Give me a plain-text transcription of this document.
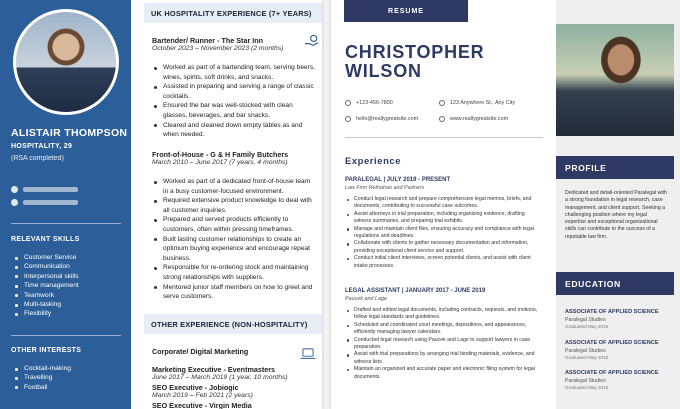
ALISTAIR THOMPSON
HOSPITALITY, 29
(RSA completed)
RELEVANT SKILLS
Customer Service
Communication
Interpersonal skills
Time management
Teamwork
Multi-tasking
Flexibility
OTHER INTERESTS
Cocktail-making
Travelling
Football
UK HOSPITALITY EXPERIENCE (7+ YEARS)
Bartender/ Runner - The Star Inn
October 2023 – November 2023 (2 months)
Worked as part of a bartending team, serving beers, wines, spirits, soft drinks, and snacks.
Assisted in preparing and serving a range of classic cocktails.
Ensured the bar was well-stocked with clean glasses, beverages, and bar snacks.
Cleared and cleaned down empty tables as and when needed.
Front-of-House - G & H Family Butchers
March 2010 – June 2017 (7 years, 4 months)
Worked as part of a dedicated front-of-house team in a busy customer-focused environment.
Required extensive product knowledge to deal with all customer inquiries.
Prepared and served products efficiently to customers, often within pressing timeframes.
Built lasting customer relationships to create an optimum buying experience and encourage repeat business.
Responsible for re-ordering stock and maintaining strong relationships with suppliers.
Mentored junior staff members on how to greet and serve customers.
OTHER EXPERIENCE (NON-HOSPITALITY)
Corporate/ Digital Marketing
Marketing Executive - Eventmasters
June 2017 – March 2019 (1 year, 10 months)
SEO Executive - Jobiogic
March 2019 – Feb 2021 (2 years)
SEO Executive - Virgin Media
RESUME
CHRISTOPHER
WILSON
+123-456-7890	123 Anywhere St., Any City
hello@reallygreatsite.com	www.reallygreatsite.com
Experience
PARALEGAL | JULY 2019 - PRESENT
Law Firm Rethahan and Partners
Conduct legal research and prepare comprehensive legal memos, briefs, and documents, contributing to successful case outcomes.
Assist attorneys in trial preparation, including organizing evidence, drafting witness summaries, and preparing trial exhibits.
Manage and maintain client files, ensuring accuracy and compliance with legal regulations and deadlines.
Collaborate with clients to gather necessary documentation and information, providing exceptional client service and support.
Conduct initial client interviews, screen potential clients, and assist with client intake processes.
LEGAL ASSISTANT | JANUARY 2017 - JUNE 2019
Paucek and Lage
Drafted and edited legal documents, including contracts, requests, and motions, follow legal standards and guidelines.
Scheduled and coordinated court meetings, depositions, and appearances, efficiently managing lawyer calendars.
Conducted legal research using Paucek and Lage to support lawyers in case preparation.
Assist with trial preparations by arranging trial binding materials, evidence, and witness lists.
Maintain an organized and accurate paper and electronic filing system for legal documents.
PROFILE
Dedicated and detail-oriented Paralegal with a strong foundation in legal research, case management, and client support. Seeking a challenging position where my legal expertise and exceptional organizational skills can contribute to the success of a reputable law firm.
EDUCATION
ASSOCIATE OF APPLIED SCIENCE
Paralegal Studies
Graduated May 2016
ASSOCIATE OF APPLIED SCIENCE
Paralegal Studies
Graduated May 2016
ASSOCIATE OF APPLIED SCIENCE
Paralegal Studies
Graduated May 2016
